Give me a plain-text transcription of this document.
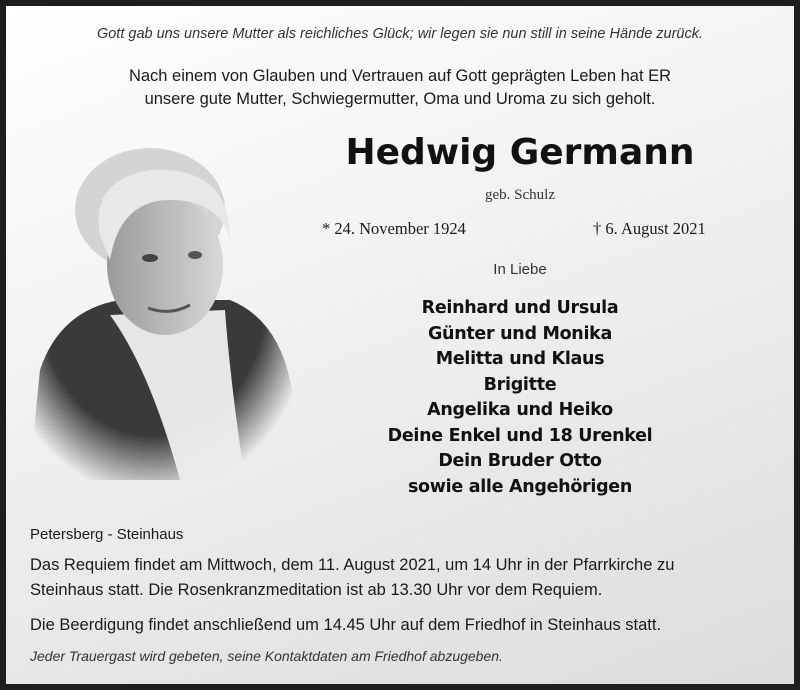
Gott gab uns unsere Mutter als reichliches Glück; wir legen sie nun still in seine Hände zurück.
Nach einem von Glauben und Vertrauen auf Gott geprägten Leben hat ER
unsere gute Mutter, Schwiegermutter, Oma und Uroma zu sich geholt.
Hedwig Germann
geb. Schulz
* 24. November 1924	† 6. August 2021
In Liebe
Reinhard und Ursula
Günter und Monika
Melitta und Klaus
Brigitte
Angelika und Heiko
Deine Enkel und 18 Urenkel
Dein Bruder Otto
sowie alle Angehörigen
Petersberg - Steinhaus
Das Requiem findet am Mittwoch, dem 11. August 2021, um 14 Uhr in der Pfarrkirche zu
Steinhaus statt. Die Rosenkranzmeditation ist ab 13.30 Uhr vor dem Requiem.
Die Beerdigung findet anschließend um 14.45 Uhr auf dem Friedhof in Steinhaus statt.
Jeder Trauergast wird gebeten, seine Kontaktdaten am Friedhof abzugeben.
